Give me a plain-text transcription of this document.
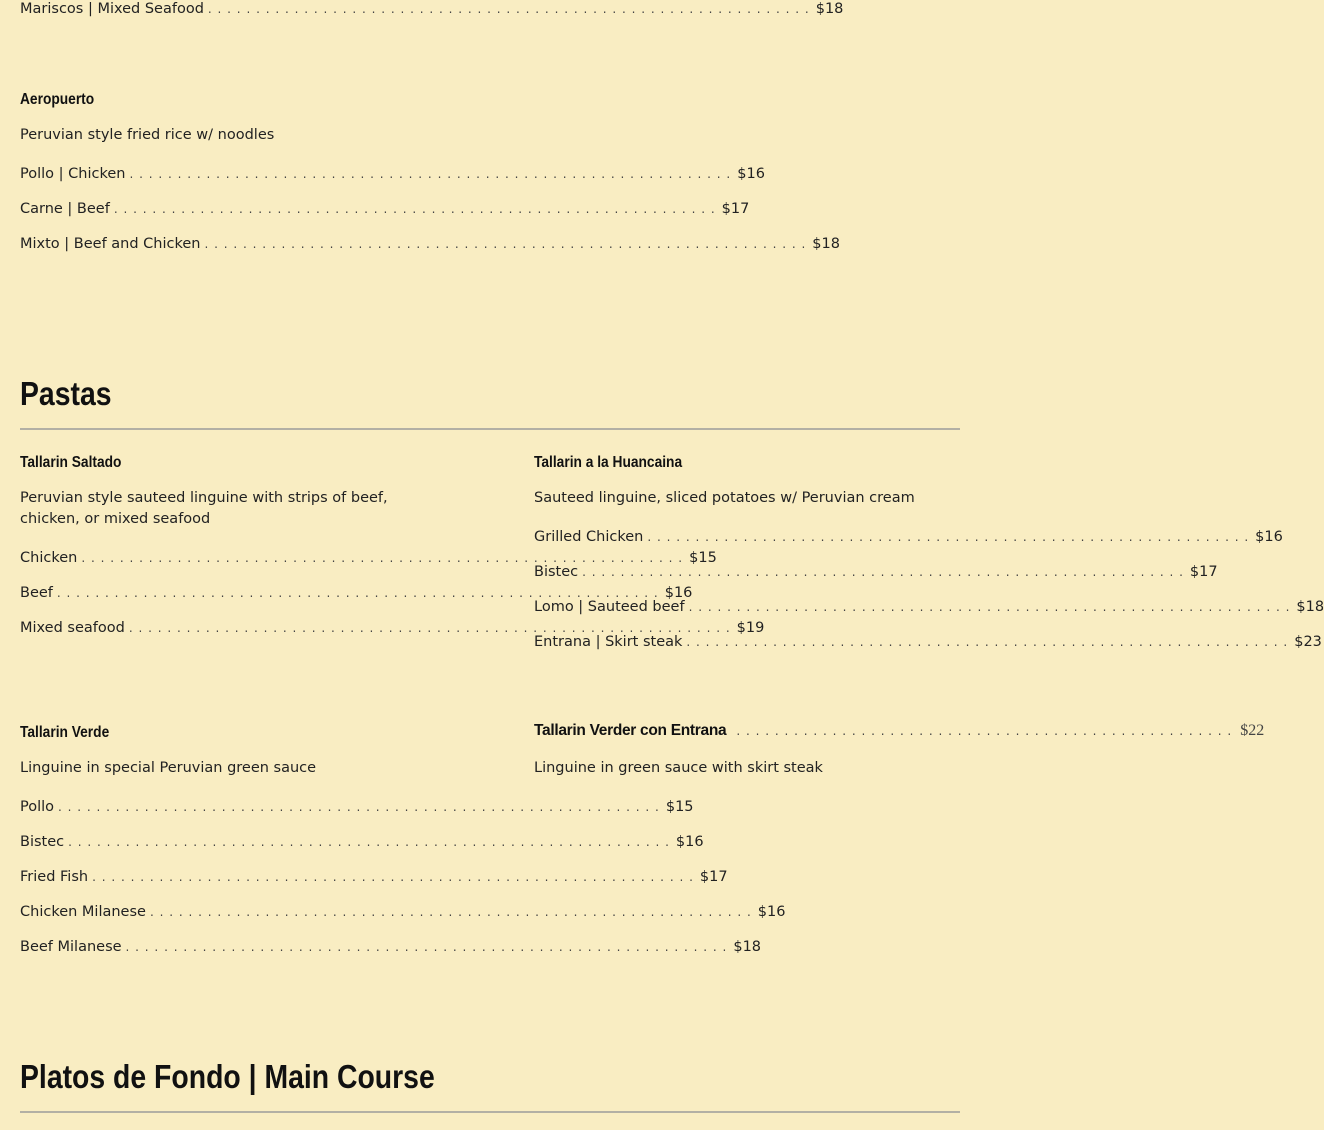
Mariscos | Mixed Seafood . . . . . . . . . . . . . . . . . . . . . . . . . . . . . . . . . . . . . . . . . . . . . . . . . . . . . . . . . . . . . . . $18
Aeropuerto
Peruvian style fried rice w/ noodles
Pollo | Chicken . . . . . . . . . . . . . . . . . . . . . . . . . . . . . . . . . . . . . . . . . . . . . . . . . . . . . . . . . . . . . . . $16
Carne | Beef . . . . . . . . . . . . . . . . . . . . . . . . . . . . . . . . . . . . . . . . . . . . . . . . . . . . . . . . . . . . . . . $17
Mixto | Beef and Chicken . . . . . . . . . . . . . . . . . . . . . . . . . . . . . . . . . . . . . . . . . . . . . . . . . . . . . . . . . . . . . . . $18
Pastas
Tallarin Saltado
Peruvian style sauteed linguine with strips of beef, chicken, or mixed seafood
Chicken . . . . . . . . . . . . . . . . . . . . . . . . . . . . . . . . . . . . . . . . . . . . . . . . . . . . . . . . . . . . . . . $15
Beef . . . . . . . . . . . . . . . . . . . . . . . . . . . . . . . . . . . . . . . . . . . . . . . . . . . . . . . . . . . . . . . $16
Mixed seafood . . . . . . . . . . . . . . . . . . . . . . . . . . . . . . . . . . . . . . . . . . . . . . . . . . . . . . . . . . . . . . . $19
Tallarin a la Huancaina
Sauteed linguine, sliced potatoes w/ Peruvian cream
Grilled Chicken . . . . . . . . . . . . . . . . . . . . . . . . . . . . . . . . . . . . . . . . . . . . . . . . . . . . . . . . . . . . . . . $16
Bistec . . . . . . . . . . . . . . . . . . . . . . . . . . . . . . . . . . . . . . . . . . . . . . . . . . . . . . . . . . . . . . . $17
Lomo | Sauteed beef . . . . . . . . . . . . . . . . . . . . . . . . . . . . . . . . . . . . . . . . . . . . . . . . . . . . . . . . . . . . . . . $18
Entrana | Skirt steak . . . . . . . . . . . . . . . . . . . . . . . . . . . . . . . . . . . . . . . . . . . . . . . . . . . . . . . . . . . . . . . $23
Tallarin Verde
Linguine in special Peruvian green sauce
Pollo . . . . . . . . . . . . . . . . . . . . . . . . . . . . . . . . . . . . . . . . . . . . . . . . . . . . . . . . . . . . . . . $15
Bistec . . . . . . . . . . . . . . . . . . . . . . . . . . . . . . . . . . . . . . . . . . . . . . . . . . . . . . . . . . . . . . . $16
Fried Fish . . . . . . . . . . . . . . . . . . . . . . . . . . . . . . . . . . . . . . . . . . . . . . . . . . . . . . . . . . . . . . . $17
Chicken Milanese . . . . . . . . . . . . . . . . . . . . . . . . . . . . . . . . . . . . . . . . . . . . . . . . . . . . . . . . . . . . . . . $16
Beef Milanese . . . . . . . . . . . . . . . . . . . . . . . . . . . . . . . . . . . . . . . . . . . . . . . . . . . . . . . . . . . . . . . $18
Tallarin Verder con Entrana . . . . . . . . . . . . . . . . . . . . . . . . . . . . . . . . . . . . . . . . . . . . . . . . . . . . $22
Linguine in green sauce with skirt steak
Platos de Fondo | Main Course
